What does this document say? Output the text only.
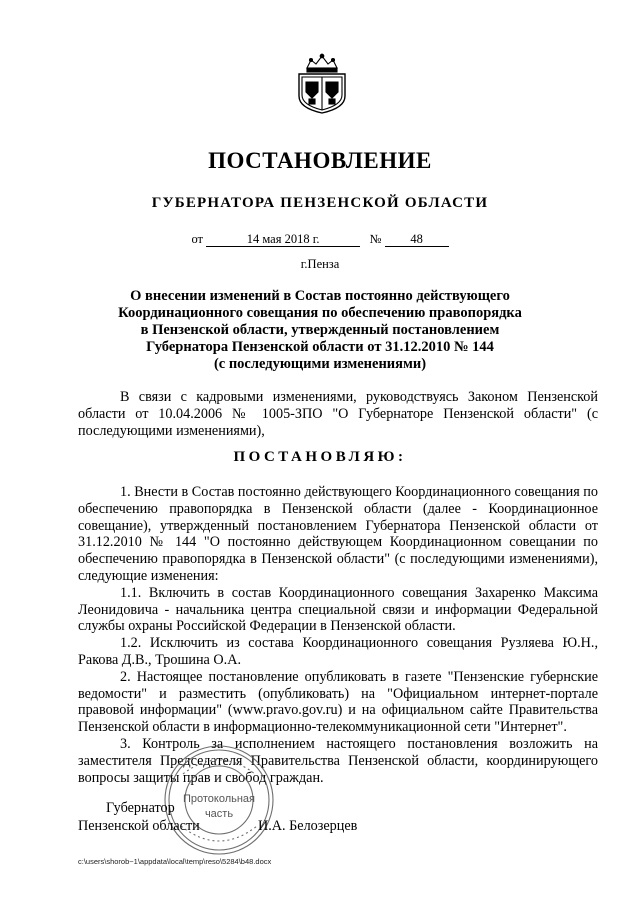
ПОСТАНОВЛЕНИЕ
ГУБЕРНАТОРА ПЕНЗЕНСКОЙ ОБЛАСТИ
от	14 мая 2018 г.	№ 48
г.Пенза
О внесении изменений в Состав постоянно действующего
Координационного совещания по обеспечению правопорядка
в Пензенской области, утвержденный постановлением
Губернатора Пензенской области от 31.12.2010 № 144
(с последующими изменениями)
В связи с кадровыми изменениями, руководствуясь Законом Пензенской области от 10.04.2006 № 1005-ЗПО "О Губернаторе Пензенской области" (с последующими изменениями),
ПОСТАНОВЛЯЮ:

1. Внести в Состав постоянно действующего Координационного совещания по обеспечению правопорядка в Пензенской области (далее - Координационное совещание), утвержденный постановлением Губернатора Пензенской области от 31.12.2010 № 144 "О постоянно действующем Координационном совещании по обеспечению правопорядка в Пензенской области" (с последующими изменениями), следующие изменения:

1.1. Включить в состав Координационного совещания Захаренко Максима Леонидовича - начальника центра специальной связи и информации Федеральной службы охраны Российской Федерации в Пензенской области.

1.2. Исключить из состава Координационного совещания Рузляева Ю.Н., Ракова Д.В., Трошина О.А.

2. Настоящее постановление опубликовать в газете "Пензенские губернские ведомости" и разместить (опубликовать) на "Официальном интернет-портале правовой информации" (www.pravo.gov.ru) и на официальном сайте Правительства Пензенской области в информационно-телекоммуникационной сети "Интернет".

3. Контроль за исполнением настоящего постановления возложить на заместителя Председателя Правительства Пензенской области, координирующего вопросы защиты прав и свобод граждан.

Протокольная
часть
Губернатор
Пензенской области	И.А. Белозерцев
c:\users\shorob~1\appdata\local\temp\reso\5284\b48.docx
